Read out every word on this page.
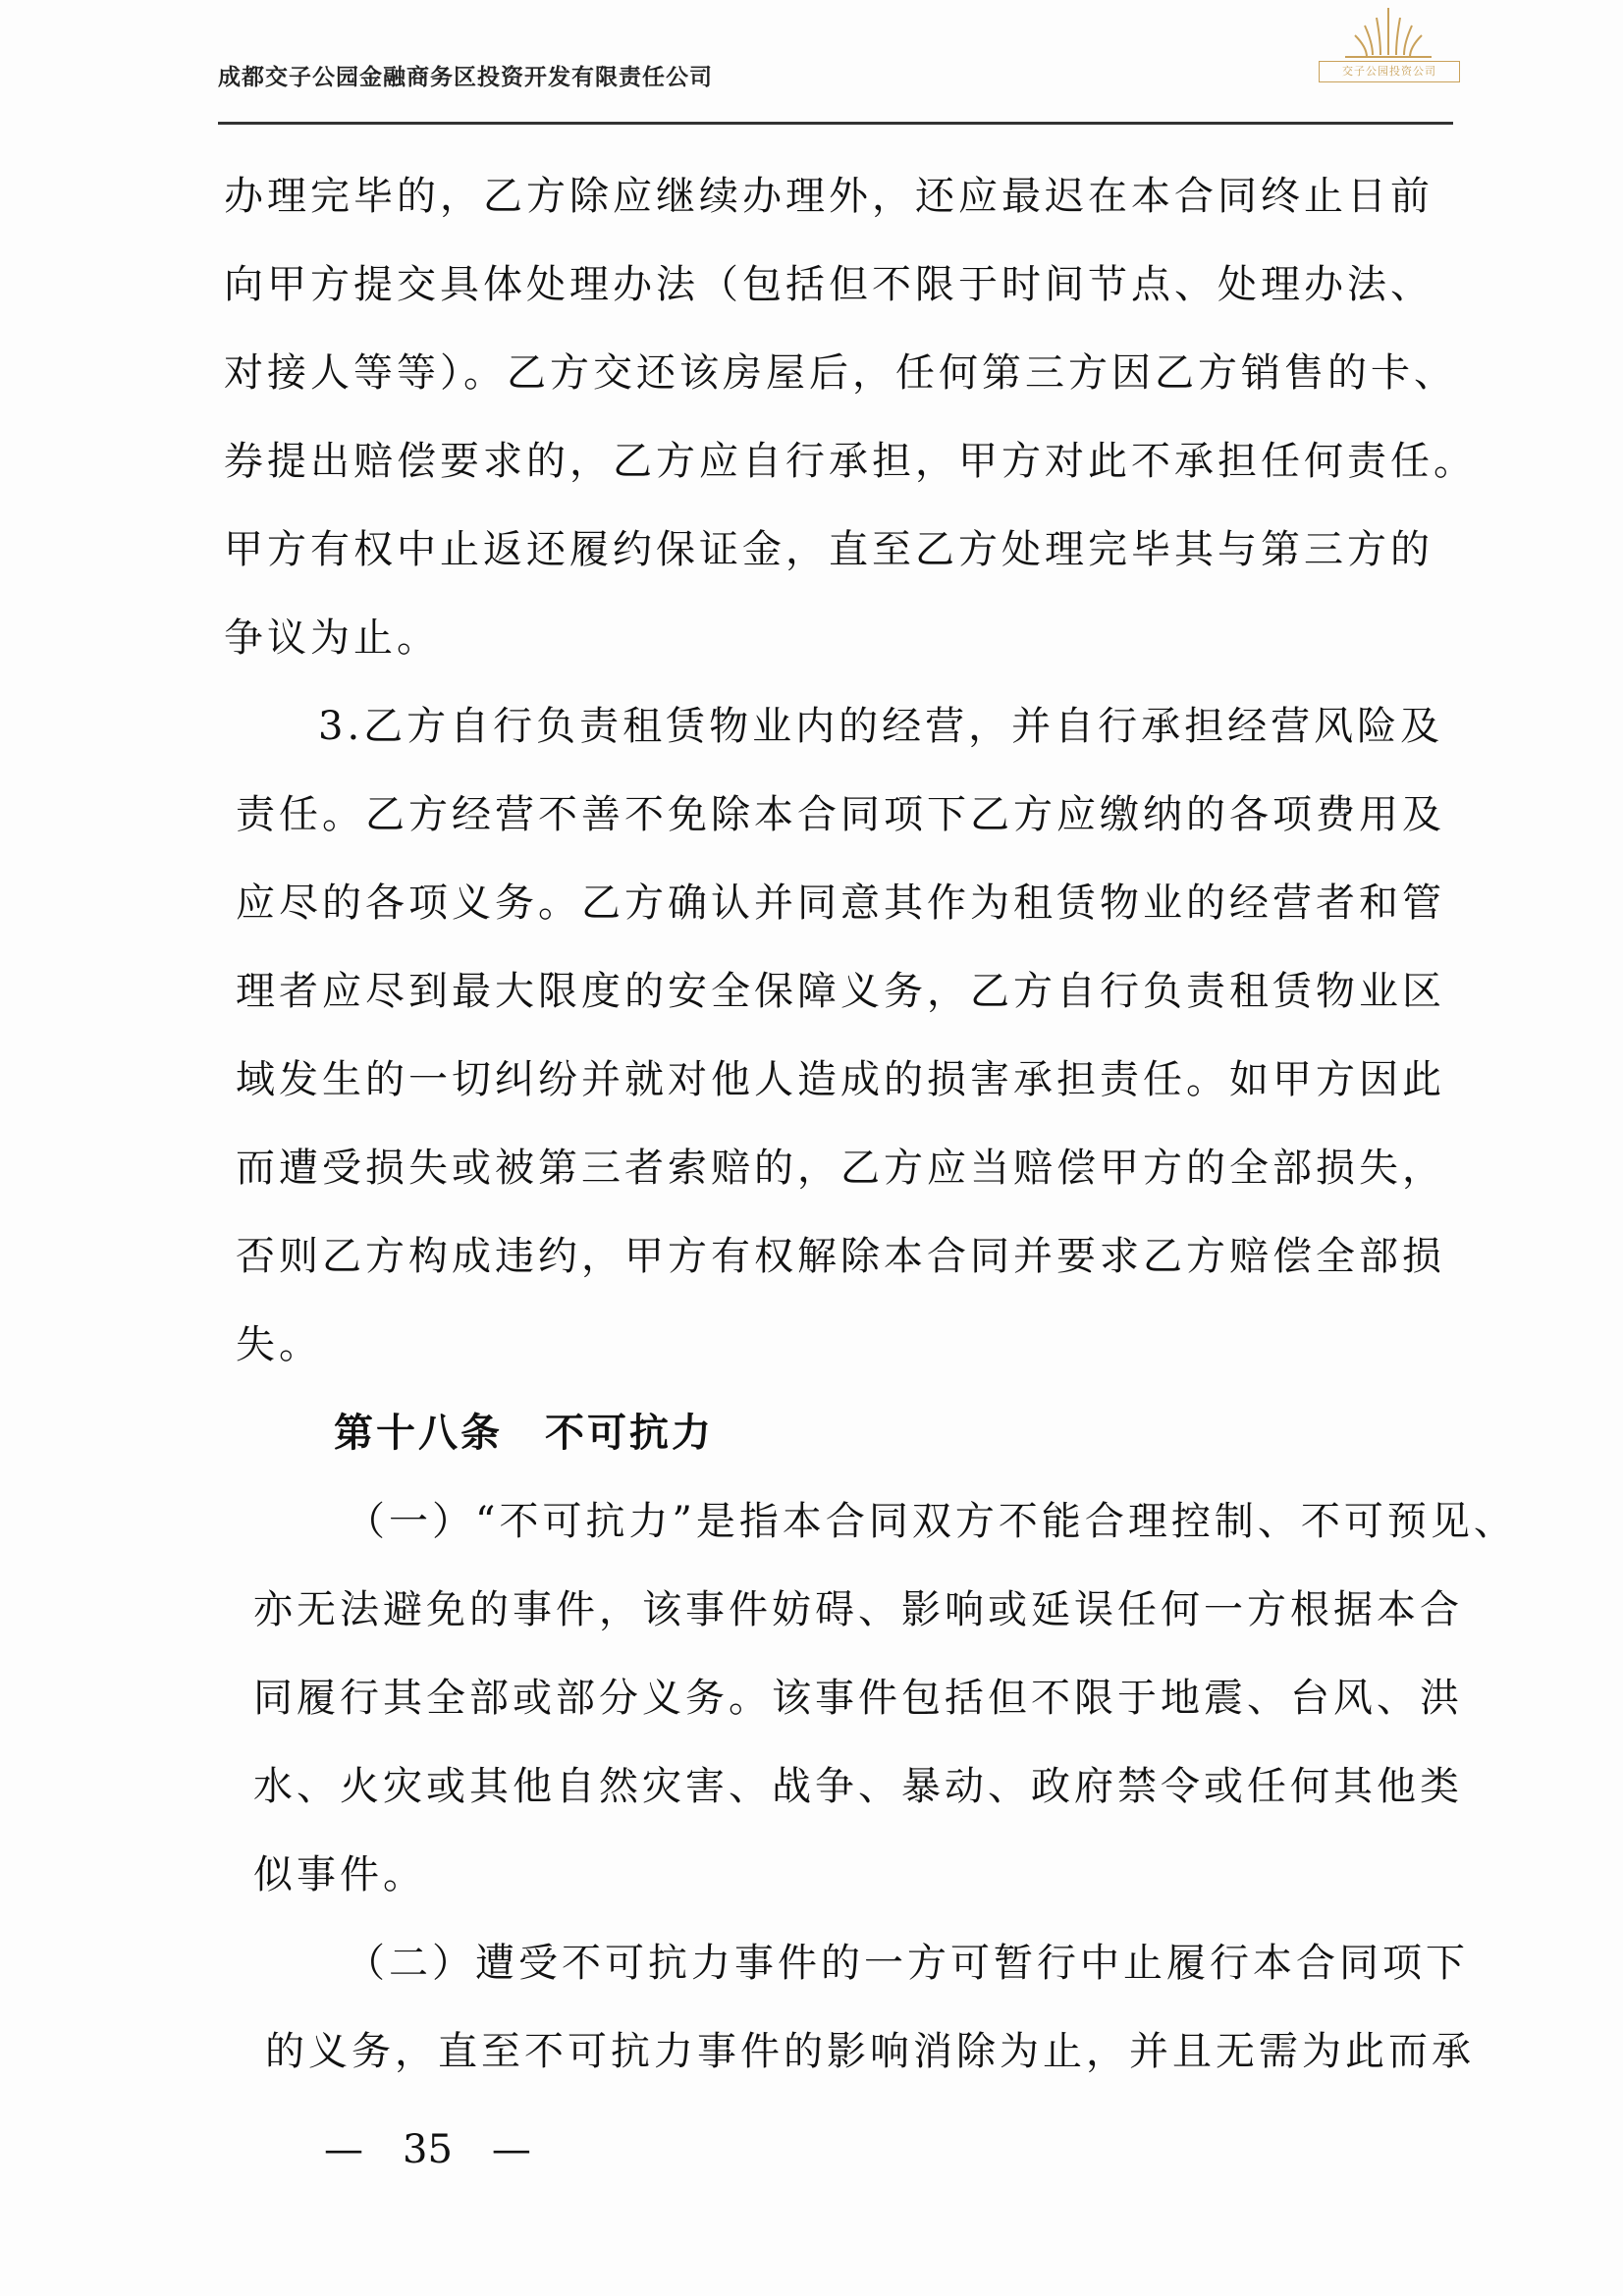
成都交子公园金融商务区投资开发有限责任公司	交子公园投资公司
办理完毕的，乙方除应继续办理外，还应最迟在本合同终止日前
向甲方提交具体处理办法（包括但不限于时间节点、处理办法、
对接人等等）。乙方交还该房屋后，任何第三方因乙方销售的卡、
券提出赔偿要求的，乙方应自行承担，甲方对此不承担任何责任。
甲方有权中止返还履约保证金，直至乙方处理完毕其与第三方的
争议为止。
3.乙方自行负责租赁物业内的经营，并自行承担经营风险及
责任。乙方经营不善不免除本合同项下乙方应缴纳的各项费用及
应尽的各项义务。乙方确认并同意其作为租赁物业的经营者和管
理者应尽到最大限度的安全保障义务，乙方自行负责租赁物业区
域发生的一切纠纷并就对他人造成的损害承担责任。如甲方因此
而遭受损失或被第三者索赔的，乙方应当赔偿甲方的全部损失，
否则乙方构成违约，甲方有权解除本合同并要求乙方赔偿全部损
失。
第十八条　不可抗力
（一）“不可抗力”是指本合同双方不能合理控制、不可预见、
亦无法避免的事件，该事件妨碍、影响或延误任何一方根据本合
同履行其全部或部分义务。该事件包括但不限于地震、台风、洪
水、火灾或其他自然灾害、战争、暴动、政府禁令或任何其他类
似事件。
（二）遭受不可抗力事件的一方可暂行中止履行本合同项下
的义务，直至不可抗力事件的影响消除为止，并且无需为此而承
—　35　—
